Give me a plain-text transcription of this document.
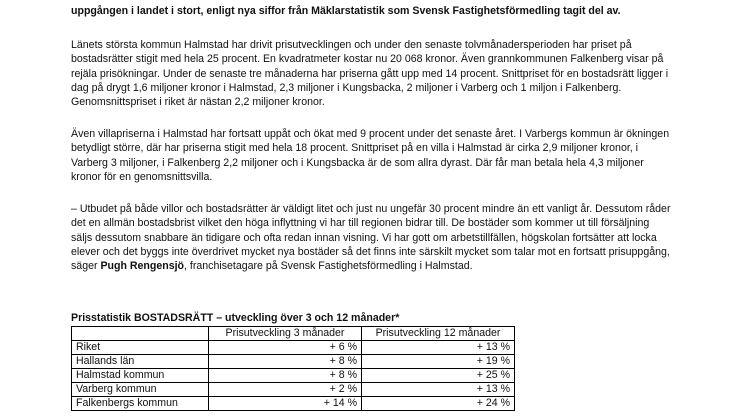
uppgången i landet i stort, enligt nya siffor från Mäklarstatistik som Svensk Fastighetsförmedling tagit del av.

Länets största kommun Halmstad har drivit prisutvecklingen och under den senaste tolvmånadersperioden har priset på bostadsrätter stigit med hela 25 procent. En kvadratmeter kostar nu 20 068 kronor. Även grannkommunen Falkenberg visar på rejäla prisökningar. Under de senaste tre månaderna har priserna gått upp med 14 procent. Snittpriset för en bostadsrätt ligger i dag på drygt 1,6 miljoner kronor i Halmstad, 2,3 miljoner i Kungsbacka, 2 miljoner i Varberg och 1 miljon i Falkenberg. Genomsnittspriset i riket är nästan 2,2 miljoner kronor.

Även villapriserna i Halmstad har fortsatt uppåt och ökat med 9 procent under det senaste året. I Varbergs kommun är ökningen betydligt större, där har priserna stigit med hela 18 procent. Snittpriset på en villa i Halmstad är cirka 2,9 miljoner kronor, i Varberg 3 miljoner, i Falkenberg 2,2 miljoner och i Kungsbacka är de som allra dyrast. Där får man betala hela 4,3 miljoner kronor för en genomsnittsvilla.

– Utbudet på både villor och bostadsrätter är väldigt litet och just nu ungefär 30 procent mindre än ett vanligt år. Dessutom råder det en allmän bostadsbrist vilket den höga inflyttning vi har till regionen bidrar till. De bostäder som kommer ut till försäljning säljs dessutom snabbare än tidigare och ofta redan innan visning. Vi har gott om arbetstillfällen, högskolan fortsätter att locka elever och det byggs inte överdrivet mycket nya bostäder så det finns inte särskilt mycket som talar mot en fortsatt prisuppgång, säger Pugh Rengensjö, franchisetagare på Svensk Fastighetsförmedling i Halmstad.

Prisstatistik BOSTADSRÄTT – utveckling över 3 och 12 månader*

	Prisutveckling 3 månader	Prisutveckling 12 månader
Riket	+ 6 %	+ 13 %
Hallands län	+ 8 %	+ 19 %
Halmstad kommun	+ 8 %	+ 25 %
Varberg kommun	+ 2 %	+ 13 %
Falkenbergs kommun	+ 14 %	+ 24 %
